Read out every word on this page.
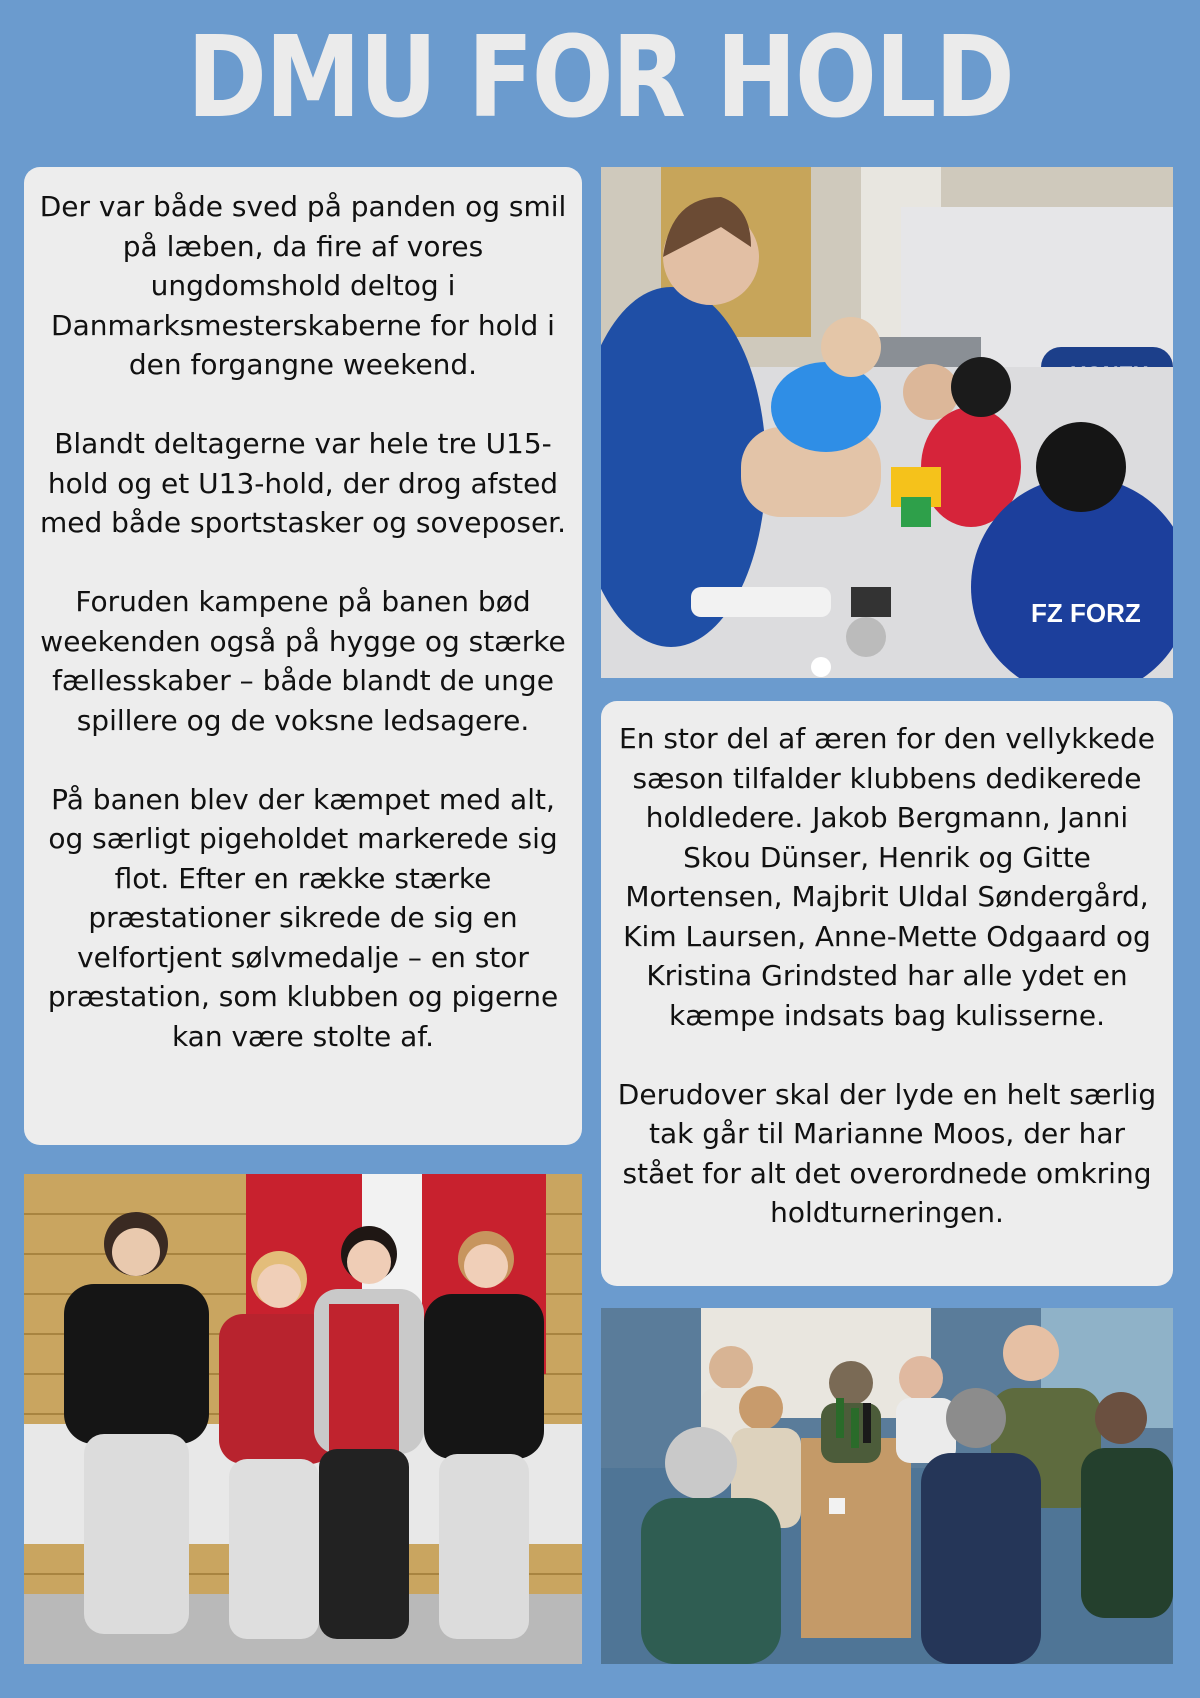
DMU FOR HOLD

Der var både sved på panden og smil på læben, da fire af vores ungdomshold deltog i Danmarksmesterskaberne for hold i den forgangne weekend.

Blandt deltagerne var hele tre U15-hold og et U13-hold, der drog afsted med både sportstasker og soveposer.

Foruden kampene på banen bød weekenden også på hygge og stærke fællesskaber – både blandt de unge spillere og de voksne ledsagere.

På banen blev der kæmpet med alt, og særligt pigeholdet markerede sig flot. Efter en række stærke præstationer sikrede de sig en velfortjent sølvmedalje – en stor præstation, som klubben og pigerne kan være stolte af.

FZ FORZ

En stor del af æren for den vellykkede sæson tilfalder klubbens dedikerede holdledere. Jakob Bergmann, Janni Skou Dünser, Henrik og Gitte Mortensen, Majbrit Uldal Søndergård, Kim Laursen, Anne-Mette Odgaard og Kristina Grindsted har alle ydet en kæmpe indsats bag kulisserne.

Derudover skal der lyde en helt særlig tak går til Marianne Moos, der har stået for alt det overordnede omkring holdturneringen.
